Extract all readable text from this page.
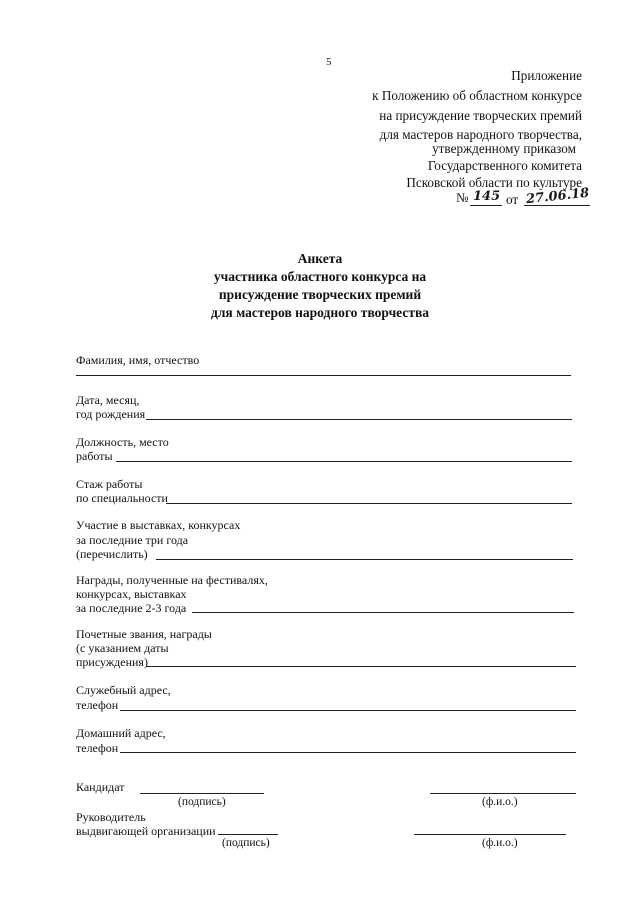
5
Приложение
к Положению об областном конкурсе
на присуждение творческих премий
для мастеров народного творчества,
утвержденному приказом
Государственного комитета
Псковской области по культуре
№ 145 от 27.06.18
Анкета
участника областного конкурса на
присуждение творческих премий
для мастеров народного творчества
Фамилия, имя, отчество
Дата, месяц,
год рождения
Должность, место
работы
Стаж работы
по специальности
Участие в выставках, конкурсах
за последние три года
(перечислить)
Награды, полученные на фестивалях,
конкурсах, выставках
за последние 2-3 года
Почетные звания, награды
(с указанием даты
присуждения)
Служебный адрес,
телефон
Домашний адрес,
телефон
Кандидат
(подпись)	(ф.и.о.)
Руководитель
выдвигающей организации
(подпись)	(ф.и.о.)
